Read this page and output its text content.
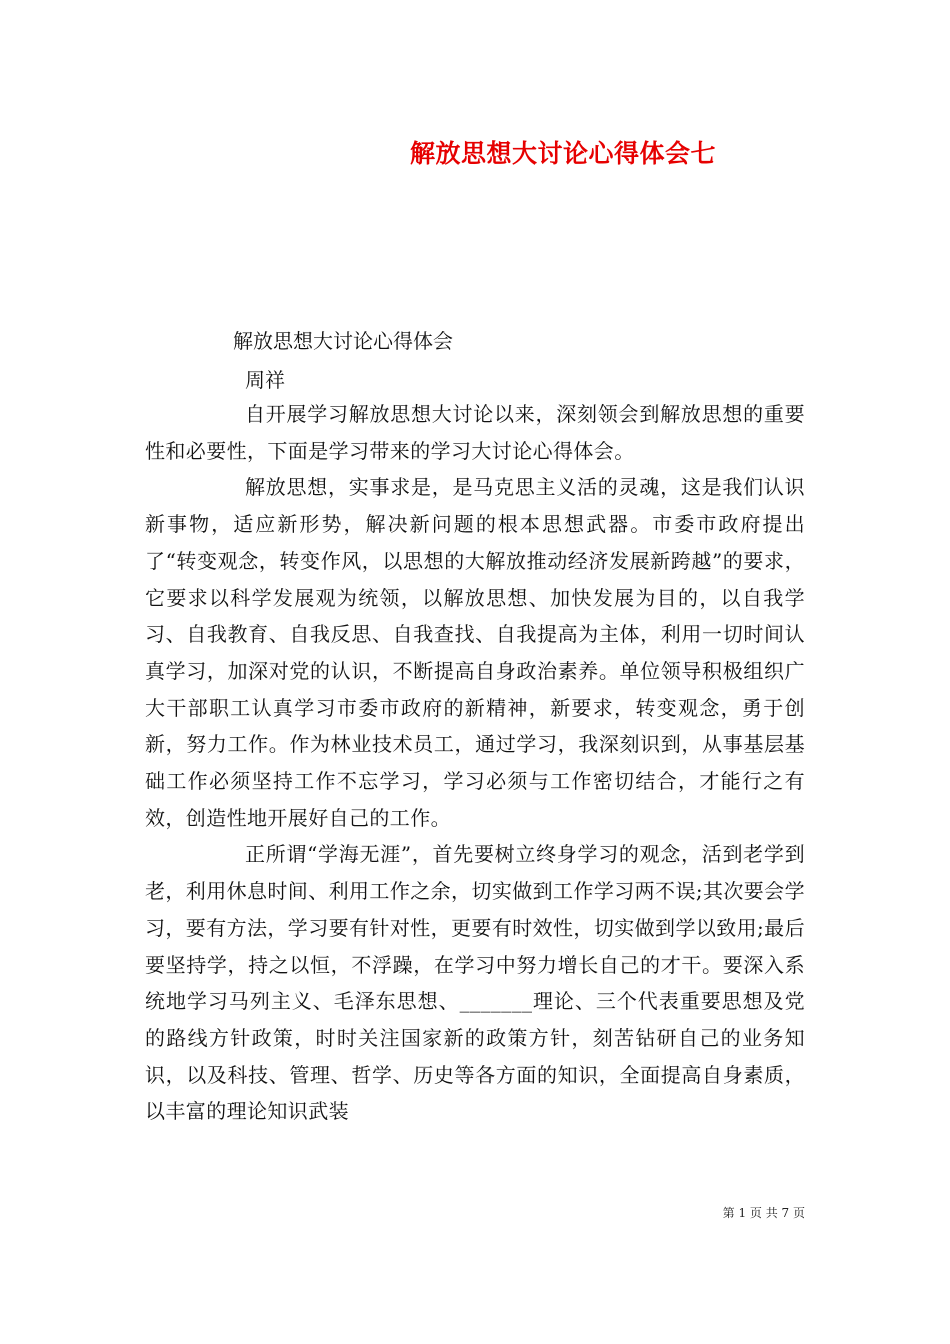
解放思想大讨论心得体会七
解放思想大讨论心得体会
周祥

自开展学习解放思想大讨论以来，深刻领会到解放思想的重要性和必要性，下面是学习带来的学习大讨论心得体会。

解放思想，实事求是，是马克思主义活的灵魂，这是我们认识新事物，适应新形势，解决新问题的根本思想武器。市委市政府提出了“转变观念，转变作风，以思想的大解放推动经济发展新跨越”的要求，它要求以科学发展观为统领，以解放思想、加快发展为目的，以自我学习、自我教育、自我反思、自我查找、自我提高为主体，利用一切时间认真学习，加深对党的认识，不断提高自身政治素养。单位领导积极组织广大干部职工认真学习市委市政府的新精神，新要求，转变观念，勇于创新，努力工作。作为林业技术员工，通过学习，我深刻识到，从事基层基础工作必须坚持工作不忘学习，学习必须与工作密切结合，才能行之有效，创造性地开展好自己的工作。

正所谓“学海无涯”，首先要树立终身学习的观念，活到老学到老，利用休息时间、利用工作之余，切实做到工作学习两不误;其次要会学习，要有方法，学习要有针对性，更要有时效性，切实做到学以致用;最后要坚持学，持之以恒，不浮躁，在学习中努力增长自己的才干。要深入系统地学习马列主义、毛泽东思想、_______理论、三个代表重要思想及党的路线方针政策，时时关注国家新的政策方针，刻苦钻研自己的业务知识，以及科技、管理、哲学、历史等各方面的知识，全面提高自身素质，以丰富的理论知识武装

第 1 页 共 7 页
